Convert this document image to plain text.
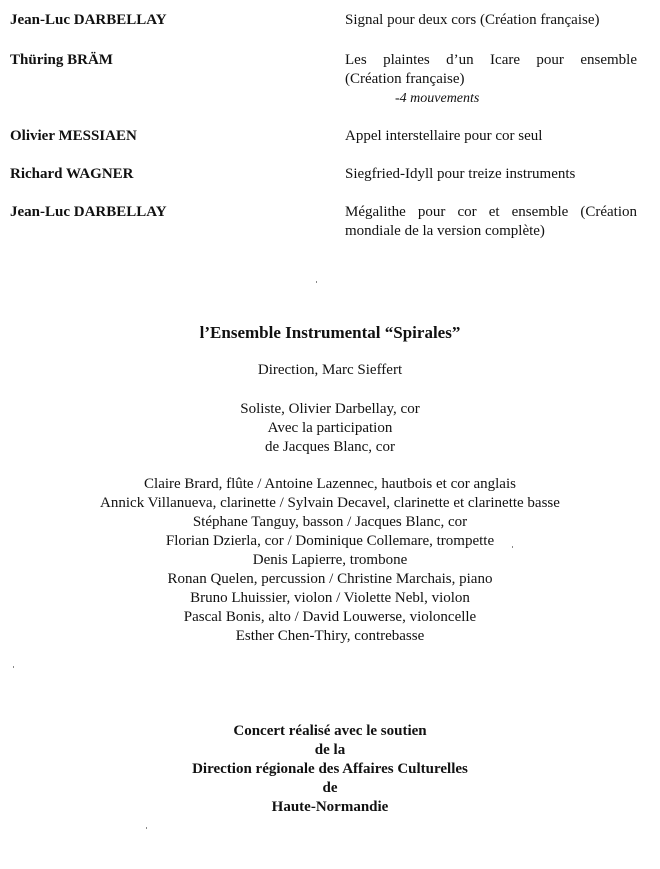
Jean-Luc DARBELLAY	Signal pour deux cors (Création française)
Thüring BRÄM	Les plaintes d’un Icare pour ensemble
(Création française)
-4 mouvements
Olivier MESSIAEN	Appel interstellaire pour cor seul
Richard WAGNER	Siegfried-Idyll pour treize instruments
Jean-Luc DARBELLAY	Mégalithe pour cor et ensemble (Création
mondiale de la version complète)
l’Ensemble Instrumental “Spirales”
Direction, Marc Sieffert
Soliste, Olivier Darbellay, cor
Avec la participation
de Jacques Blanc, cor
Claire Brard, flûte / Antoine Lazennec, hautbois et cor anglais
Annick Villanueva, clarinette / Sylvain Decavel, clarinette et clarinette basse
Stéphane Tanguy, basson / Jacques Blanc, cor
Florian Dzierla, cor / Dominique Collemare, trompette
Denis Lapierre, trombone
Ronan Quelen, percussion / Christine Marchais, piano
Bruno Lhuissier, violon / Violette Nebl, violon
Pascal Bonis, alto / David Louwerse, violoncelle
Esther Chen-Thiry, contrebasse
Concert réalisé avec le soutien
de la
Direction régionale des Affaires Culturelles
de
Haute-Normandie
